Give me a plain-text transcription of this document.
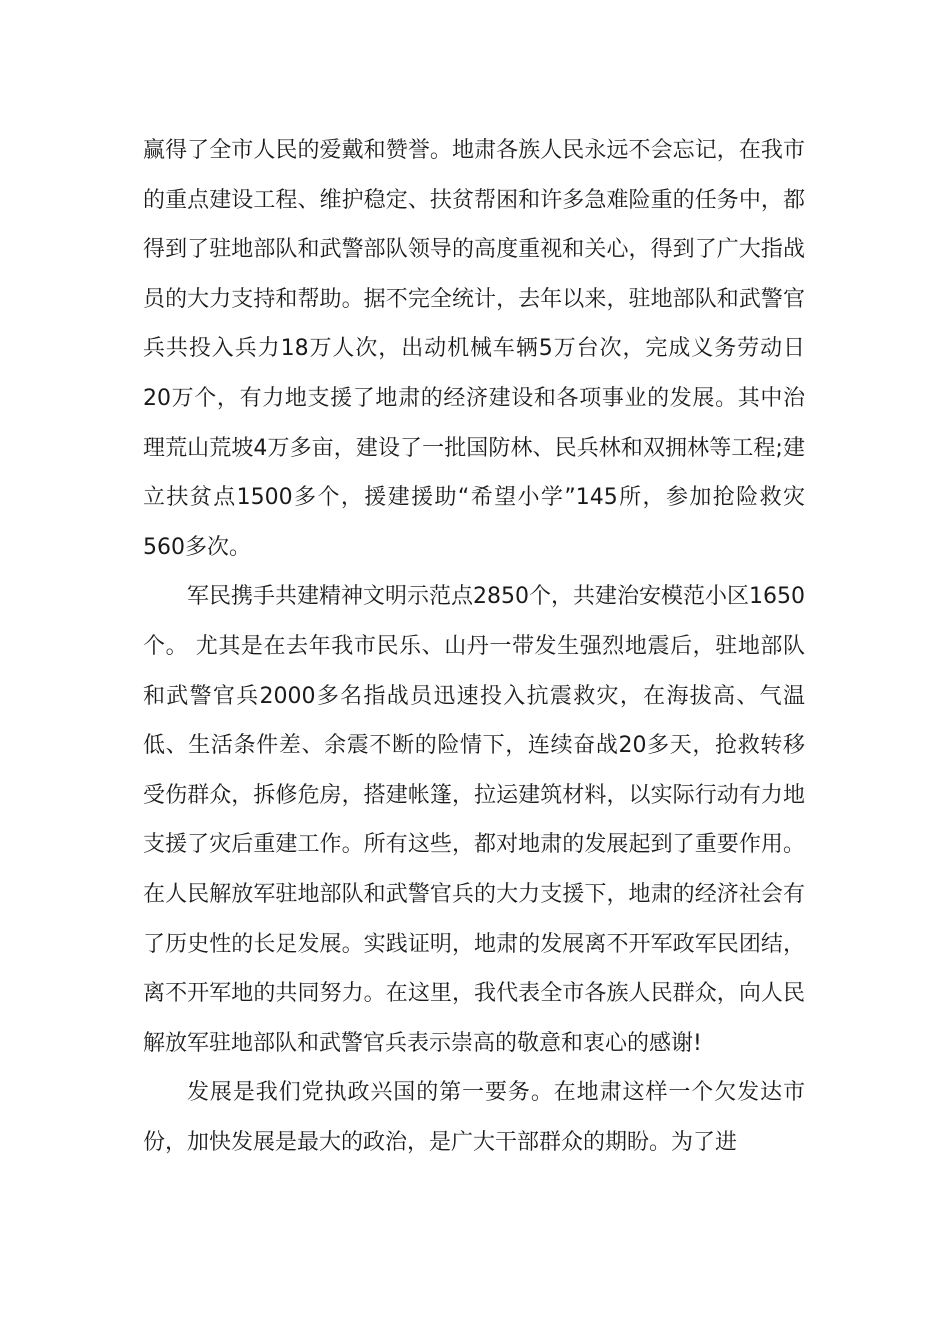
赢得了全市人民的爱戴和赞誉。地肃各族人民永远不会忘记，在我市的重点建设工程、维护稳定、扶贫帮困和许多急难险重的任务中，都得到了驻地部队和武警部队领导的高度重视和关心，得到了广大指战员的大力支持和帮助。据不完全统计，去年以来，驻地部队和武警官兵共投入兵力18万人次，出动机械车辆5万台次，完成义务劳动日20万个，有力地支援了地肃的经济建设和各项事业的发展。其中治理荒山荒坡4万多亩，建设了一批国防林、民兵林和双拥林等工程;建立扶贫点1500多个，援建援助“希望小学”145所，参加抢险救灾560多次。

军民携手共建精神文明示范点2850个，共建治安模范小区1650个。 尤其是在去年我市民乐、山丹一带发生强烈地震后，驻地部队和武警官兵2000多名指战员迅速投入抗震救灾，在海拔高、气温低、生活条件差、余震不断的险情下，连续奋战20多天，抢救转移受伤群众，拆修危房，搭建帐篷，拉运建筑材料，以实际行动有力地支援了灾后重建工作。所有这些，都对地肃的发展起到了重要作用。在人民解放军驻地部队和武警官兵的大力支援下，地肃的经济社会有了历史性的长足发展。实践证明，地肃的发展离不开军政军民团结，离不开军地的共同努力。在这里，我代表全市各族人民群众，向人民解放军驻地部队和武警官兵表示崇高的敬意和衷心的感谢!

发展是我们党执政兴国的第一要务。在地肃这样一个欠发达市份，加快发展是最大的政治，是广大干部群众的期盼。为了进
